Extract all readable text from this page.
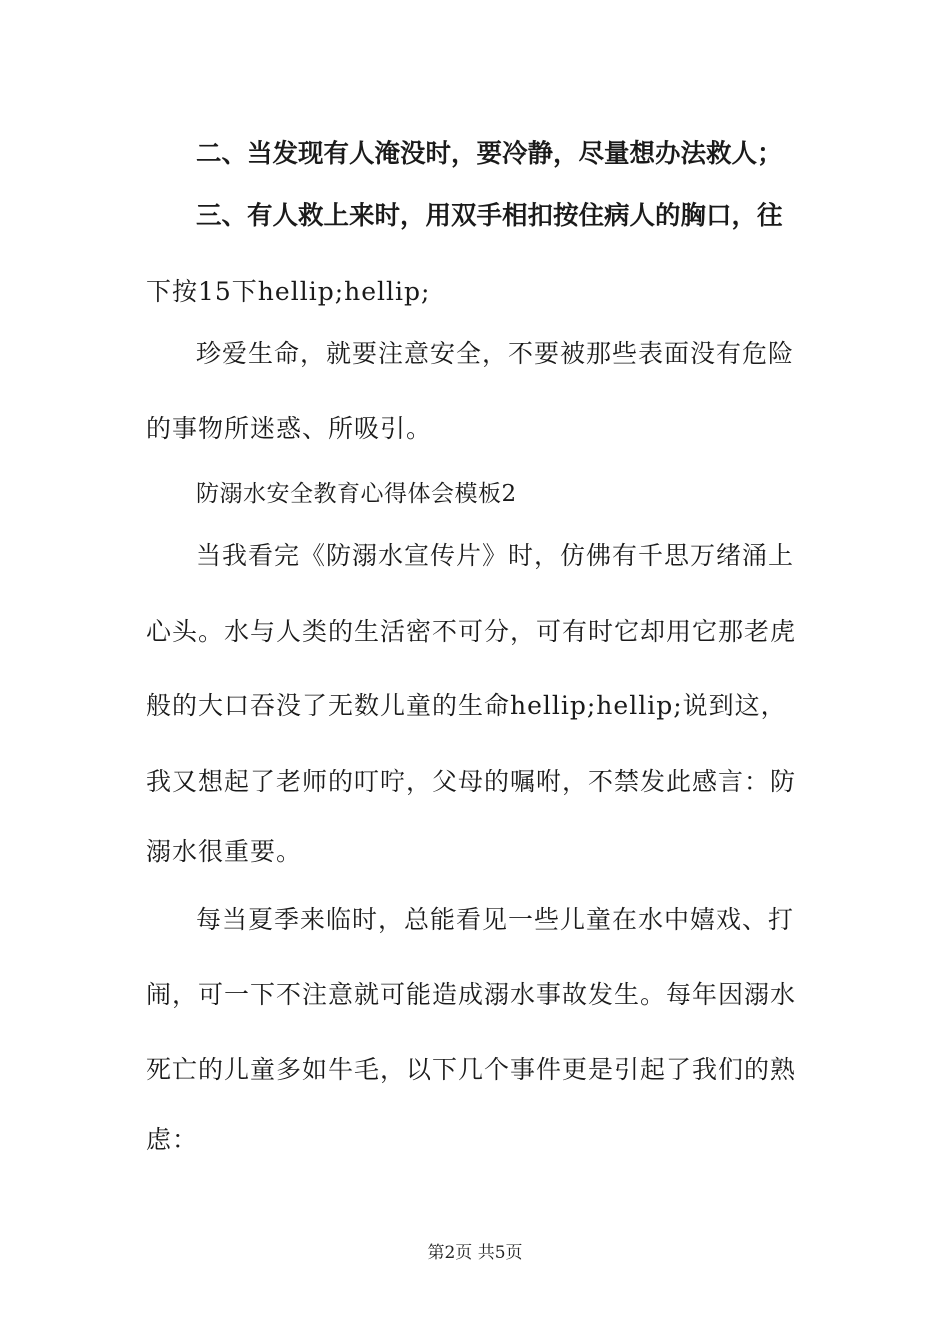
二、当发现有人淹没时，要冷静，尽量想办法救人；
三、有人救上来时，用双手相扣按住病人的胸口，往
下按15下hellip;hellip;
珍爱生命，就要注意安全，不要被那些表面没有危险
的事物所迷惑、所吸引。
防溺水安全教育心得体会模板2
当我看完《防溺水宣传片》时，仿佛有千思万绪涌上
心头。水与人类的生活密不可分，可有时它却用它那老虎
般的大口吞没了无数儿童的生命hellip;hellip;说到这，
我又想起了老师的叮咛，父母的嘱咐，不禁发此感言：防
溺水很重要。
每当夏季来临时，总能看见一些儿童在水中嬉戏、打
闹，可一下不注意就可能造成溺水事故发生。每年因溺水
死亡的儿童多如牛毛，以下几个事件更是引起了我们的熟
虑：
第2页 共5页
